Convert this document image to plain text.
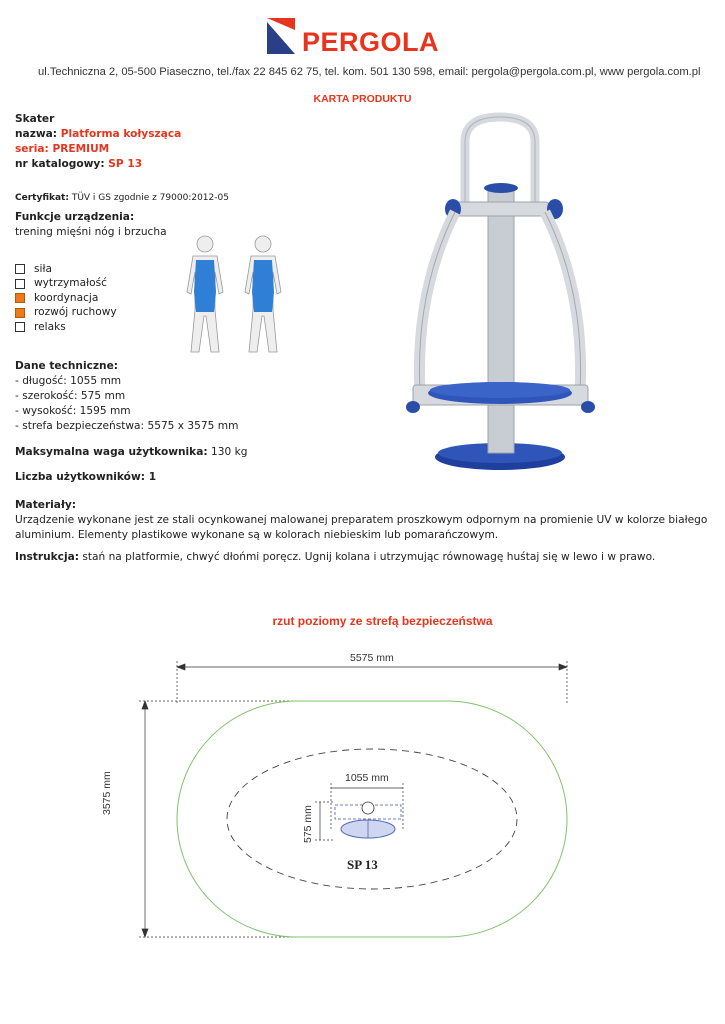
PERGOLA
ul.Techniczna 2, 05-500 Piaseczno, tel./fax 22 845 62 75, tel. kom. 501 130 598, email: pergola@pergola.com.pl, www pergola.com.pl
KARTA PRODUKTU
Skater
nazwa: Platforma kołysząca
seria: PREMIUM
nr katalogowy: SP 13
Certyfikat: TÜV i GS zgodnie z 79000:2012-05
Funkcje urządzenia:
trening mięśni nóg i brzucha
siła
wytrzymałość
koordynacja
rozwój ruchowy
relaks
Dane techniczne:
- długość: 1055 mm
- szerokość: 575 mm
- wysokość: 1595 mm
- strefa bezpieczeństwa: 5575 x 3575 mm
Maksymalna waga użytkownika: 130 kg
Liczba użytkowników: 1
Materiały:
Urządzenie wykonane jest ze stali ocynkowanej malowanej preparatem proszkowym odpornym na promienie UV w kolorze białego
aluminium. Elementy plastikowe wykonane są w kolorach niebieskim lub pomarańczowym.
Instrukcja: stań na platformie, chwyć dłońmi poręcz. Ugnij kolana i utrzymując równowagę huśtaj się w lewo i w prawo.
rzut poziomy ze strefą bezpieczeństwa
5575 mm
3575 mm	1055 mm
575 mm
SP 13
